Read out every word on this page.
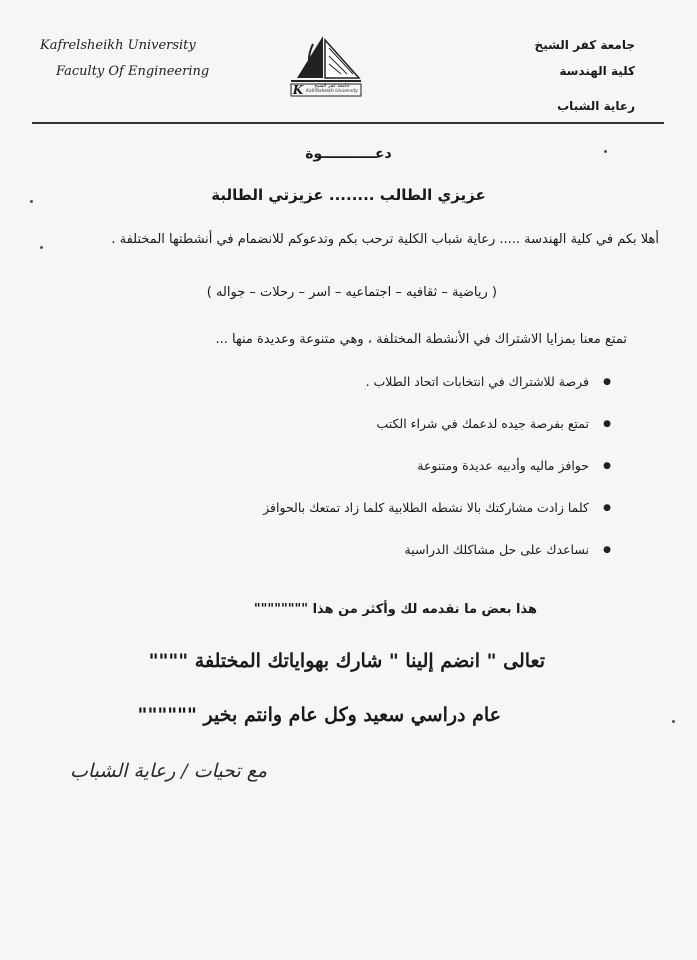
Kafrelsheikh University
Faculty Of Engineering
جامعة كفر الشيخ
كلية الهندسة
رعاية الشباب
K	جامعة كفر الشيخ
Kafrelsheikh University
دعـــــــــــوة
عزيزي الطالب ........ عزيزتي الطالبة
أهلا بكم في كلية الهندسة ..... رعاية شباب الكلية ترحب بكم وتدعوكم للانضمام في أنشطتها المختلفة .
( رياضية – ثقافيه – اجتماعيه – اسر – رحلات – جواله )
تمتع معنا بمزايا الاشتراك في الأنشطة المختلفة ، وهي متنوعة وعديدة منها ...
● فرصة للاشتراك في انتخابات اتحاد الطلاب .
● تمتع بفرصة جيده لدعمك في شراء الكتب
● حوافز ماليه وأدبيه عديدة ومتنوعة
● كلما زادت مشاركتك بالا نشطه الطلابية كلما زاد تمتعك بالحوافز
● نساعدك على حل مشاكلك الدراسية
هذا بعض ما نقدمه لك وأكثر من هذا """"""""
تعالى " انضم إلينا " شارك بهواياتك المختلفة """"
عام دراسي سعيد وكل عام وانتم بخير """"""
مع تحيات / رعاية الشباب
